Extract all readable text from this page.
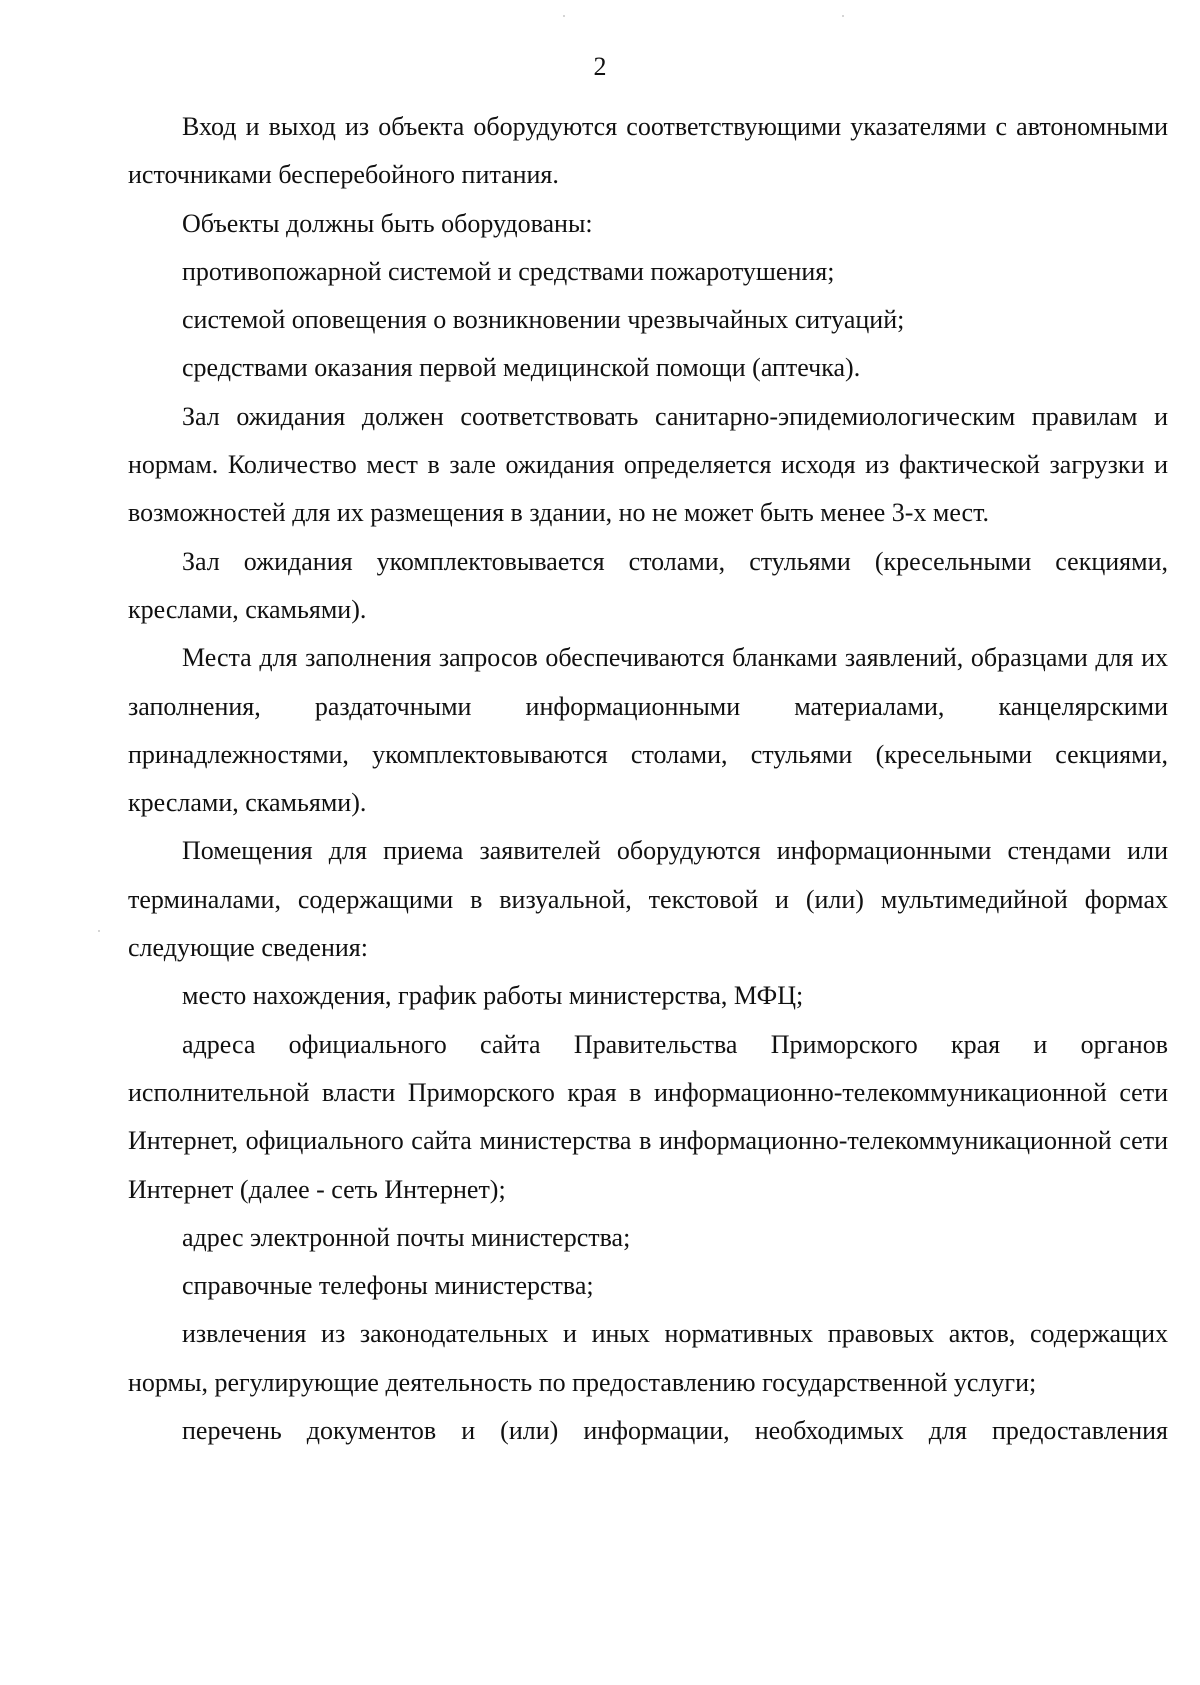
2

Вход и выход из объекта оборудуются соответствующими указателями с автономными источниками бесперебойного питания.

Объекты должны быть оборудованы:

противопожарной системой и средствами пожаротушения;

системой оповещения о возникновении чрезвычайных ситуаций;

средствами оказания первой медицинской помощи (аптечка).

Зал ожидания должен соответствовать санитарно-эпидемиологическим правилам и нормам. Количество мест в зале ожидания определяется исходя из фактической загрузки и возможностей для их размещения в здании, но не может быть менее 3-х мест.

Зал ожидания укомплектовывается столами, стульями (кресельными секциями, креслами, скамьями).

Места для заполнения запросов обеспечиваются бланками заявлений, образцами для их заполнения, раздаточными информационными материалами, канцелярскими принадлежностями, укомплектовываются столами, стульями (кресельными секциями, креслами, скамьями).

Помещения для приема заявителей оборудуются информационными стендами или терминалами, содержащими в визуальной, текстовой и (или) мультимедийной формах следующие сведения:

место нахождения, график работы министерства, МФЦ;

адреса официального сайта Правительства Приморского края и органов исполнительной власти Приморского края в информационно-телекоммуникационной сети Интернет, официального сайта министерства в информационно-телекоммуникационной сети Интернет (далее - сеть Интернет);

адрес электронной почты министерства;

справочные телефоны министерства;

извлечения из законодательных и иных нормативных правовых актов, содержащих нормы, регулирующие деятельность по предоставлению государственной услуги;

перечень документов и (или) информации, необходимых для предоставления
